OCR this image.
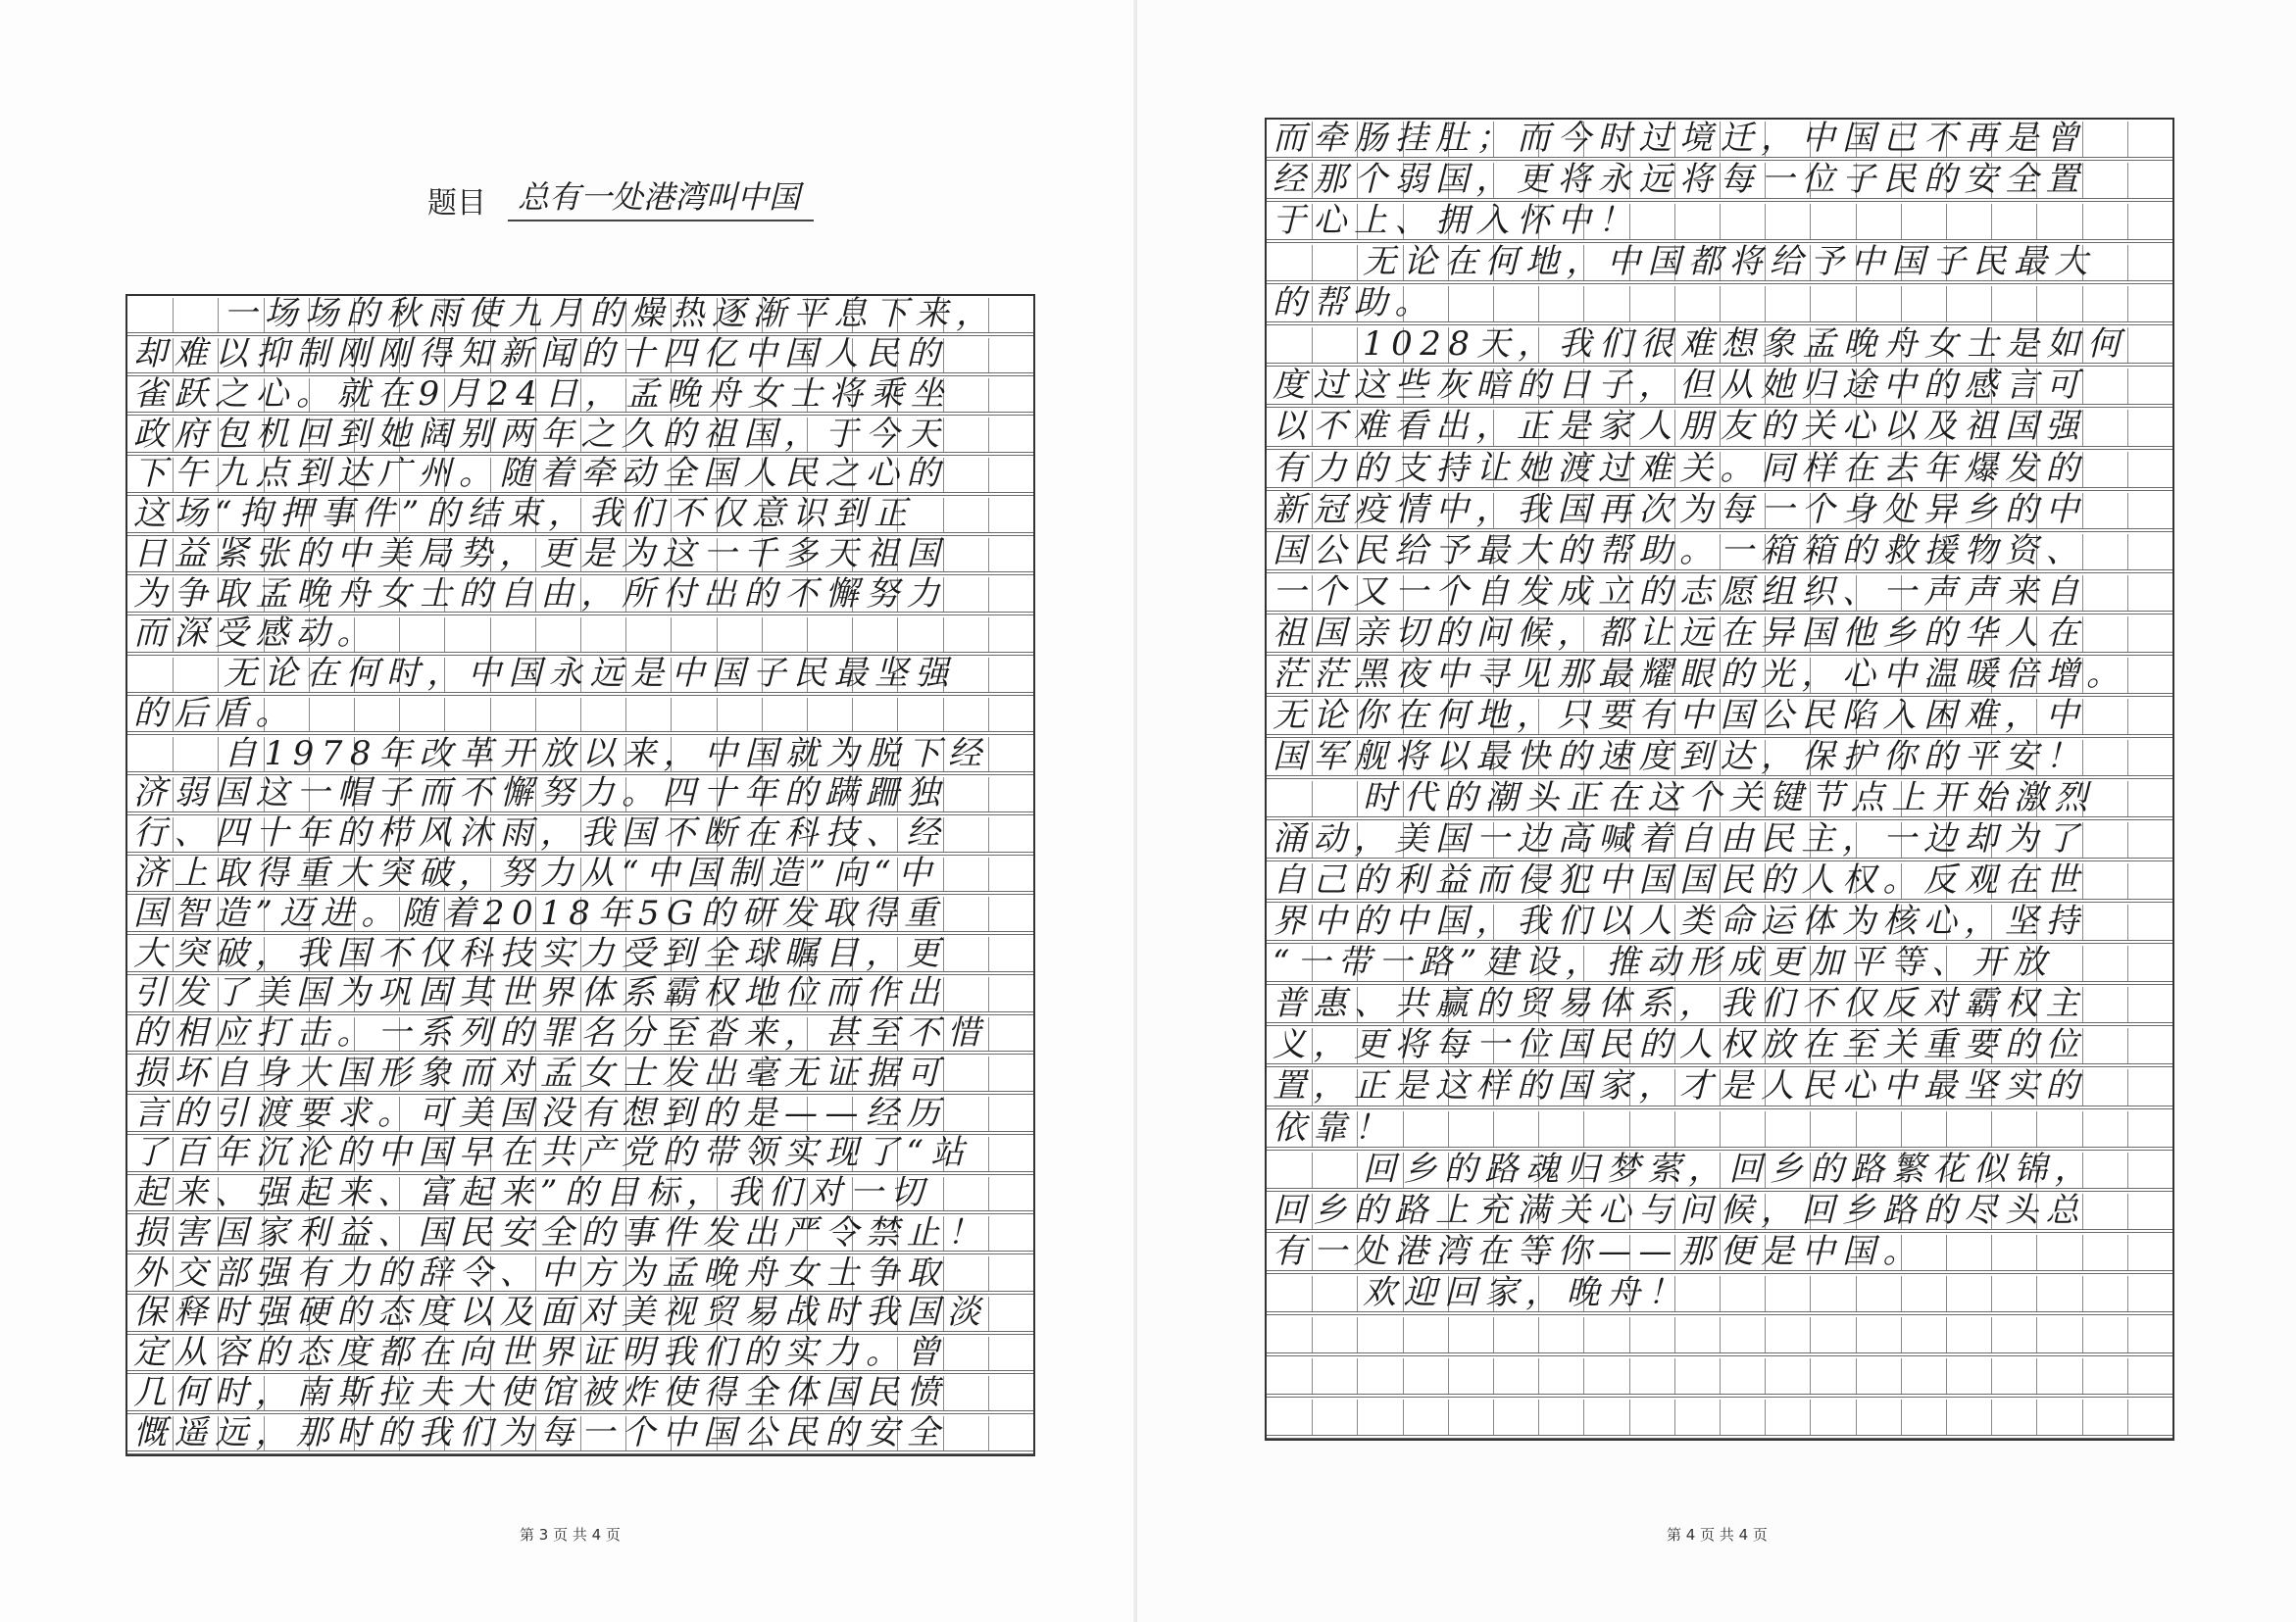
题目	总有一处港湾叫中国
一场场的秋雨使九月的燥热逐渐平息下来，
却难以抑制刚刚得知新闻的十四亿中国人民的
雀跃之心。就在9月24日，孟晚舟女士将乘坐
政府包机回到她阔别两年之久的祖国，于今天
下午九点到达广州。随着牵动全国人民之心的
这场“拘押事件”的结束，我们不仅意识到正
日益紧张的中美局势，更是为这一千多天祖国
为争取孟晚舟女士的自由，所付出的不懈努力
而深受感动。
无论在何时，中国永远是中国子民最坚强
的后盾。
自1978年改革开放以来，中国就为脱下经
济弱国这一帽子而不懈努力。四十年的蹒跚独
行、四十年的栉风沐雨，我国不断在科技、经
济上取得重大突破，努力从“中国制造”向“中
国智造”迈进。随着2018年5G的研发取得重
大突破，我国不仅科技实力受到全球瞩目，更
引发了美国为巩固其世界体系霸权地位而作出
的相应打击。一系列的罪名分至沓来，甚至不惜
损坏自身大国形象而对孟女士发出毫无证据可
言的引渡要求。可美国没有想到的是——经历
了百年沉沦的中国早在共产党的带领实现了“站
起来、强起来、富起来”的目标，我们对一切
损害国家利益、国民安全的事件发出严令禁止！
外交部强有力的辞令、中方为孟晚舟女士争取
保释时强硬的态度以及面对美视贸易战时我国淡
定从容的态度都在向世界证明我们的实力。曾
几何时，南斯拉夫大使馆被炸使得全体国民愤
慨遥远，那时的我们为每一个中国公民的安全
第 3 页 共 4 页	第 4 页 共 4 页
而牵肠挂肚；而今时过境迁，中国已不再是曾
经那个弱国，更将永远将每一位子民的安全置
于心上、拥入怀中！
无论在何地，中国都将给予中国子民最大
的帮助。
1028天，我们很难想象孟晚舟女士是如何
度过这些灰暗的日子，但从她归途中的感言可
以不难看出，正是家人朋友的关心以及祖国强
有力的支持让她渡过难关。同样在去年爆发的
新冠疫情中，我国再次为每一个身处异乡的中
国公民给予最大的帮助。一箱箱的救援物资、
一个又一个自发成立的志愿组织、一声声来自
祖国亲切的问候，都让远在异国他乡的华人在
茫茫黑夜中寻见那最耀眼的光，心中温暖倍增。
无论你在何地，只要有中国公民陷入困难，中
国军舰将以最快的速度到达，保护你的平安！
时代的潮头正在这个关键节点上开始激烈
涌动，美国一边高喊着自由民主，一边却为了
自己的利益而侵犯中国国民的人权。反观在世
界中的中国，我们以人类命运体为核心，坚持
“一带一路”建设，推动形成更加平等、开放
普惠、共赢的贸易体系，我们不仅反对霸权主
义，更将每一位国民的人权放在至关重要的位
置，正是这样的国家，才是人民心中最坚实的
依靠！
回乡的路魂归梦萦，回乡的路繁花似锦，
回乡的路上充满关心与问候，回乡路的尽头总
有一处港湾在等你——那便是中国。
欢迎回家，晚舟！
